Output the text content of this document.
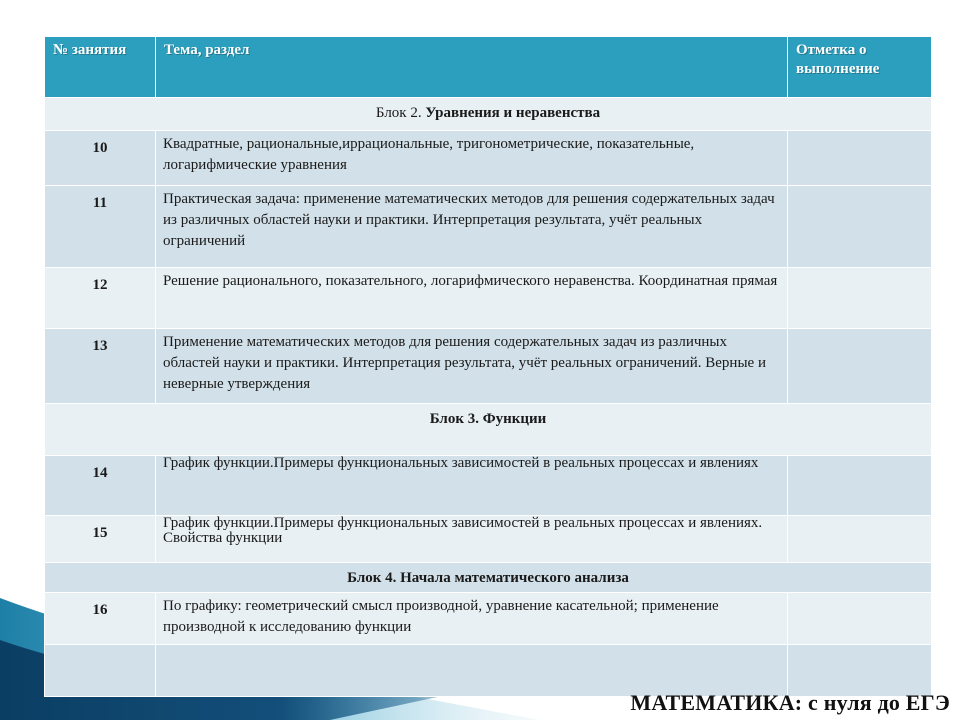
№ занятия	Тема, раздел	Отметка о выполнение
Блок 2. Уравнения и неравенства		
10	Квадратные, рациональные,иррациональные, тригонометрические, показательные, логарифмические уравнения	
11	Практическая задача: применение математических методов для решения содержательных задач из различных областей науки и практики. Интерпретация результата, учёт реальных ограничений	
12	Решение рационального, показательного, логарифмического неравенства. Координатная прямая	
13	Применение математических методов для решения содержательных задач из различных областей науки и практики. Интерпретация результата, учёт реальных ограничений. Верные и неверные утверждения	
Блок 3. Функции		
14	График функции.Примеры функциональных зависимостей в реальных процессах и явлениях	
15	График функции.Примеры функциональных зависимостей в реальных процессах и явлениях. Свойства функции	
Блок 4. Начала математического анализа		
16	По графику: геометрический смысл производной, уравнение касательной; применение производной к исследованию функции	

МАТЕМАТИКА: с нуля до ЕГЭ
